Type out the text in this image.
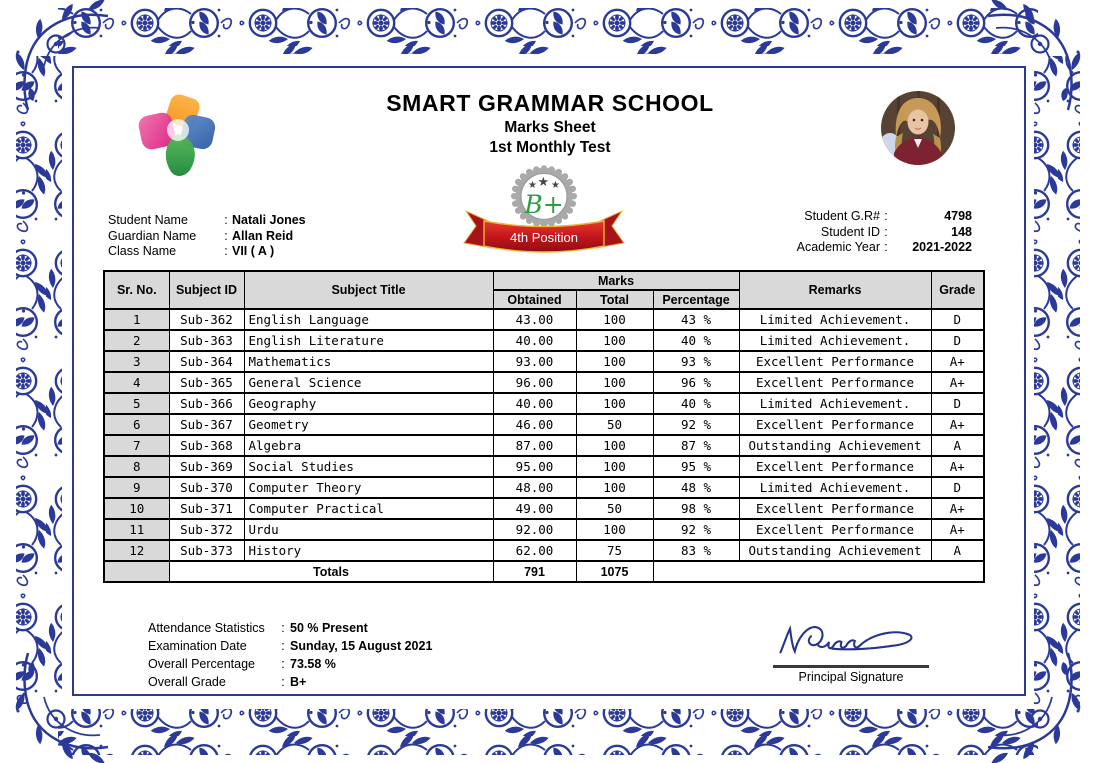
SMART GRAMMAR SCHOOL
Marks Sheet
1st Monthly Test
★ ★ ★
B+
4th Position
Student Name	: Natali Jones
Guardian Name	: Allan Reid
Class Name	: VII ( A )
Student G.R# :	4798
Student ID :	148
Academic Year :	2021-2022
Sr. No.	Subject ID	Subject Title	Marks			Remarks	Grade
			Obtained	Total	Percentage		
1	Sub-362	English Language	43.00	100	43 %	Limited Achievement.	D
2	Sub-363	English Literature	40.00	100	40 %	Limited Achievement.	D
3	Sub-364	Mathematics	93.00	100	93 %	Excellent Performance	A+
4	Sub-365	General Science	96.00	100	96 %	Excellent Performance	A+
5	Sub-366	Geography	40.00	100	40 %	Limited Achievement.	D
6	Sub-367	Geometry	46.00	50	92 %	Excellent Performance	A+
7	Sub-368	Algebra	87.00	100	87 %	Outstanding Achievement	A
8	Sub-369	Social Studies	95.00	100	95 %	Excellent Performance	A+
9	Sub-370	Computer Theory	48.00	100	48 %	Limited Achievement.	D
10	Sub-371	Computer Practical	49.00	50	98 %	Excellent Performance	A+
11	Sub-372	Urdu	92.00	100	92 %	Excellent Performance	A+
12	Sub-373	History	62.00	75	83 %	Outstanding Achievement	A
	Totals		791	1075			
Attendance Statistics	: 50 % Present
Examination Date	: Sunday, 15 August 2021
Overall Percentage	: 73.58 %
Overall Grade	: B+	Principal Signature
